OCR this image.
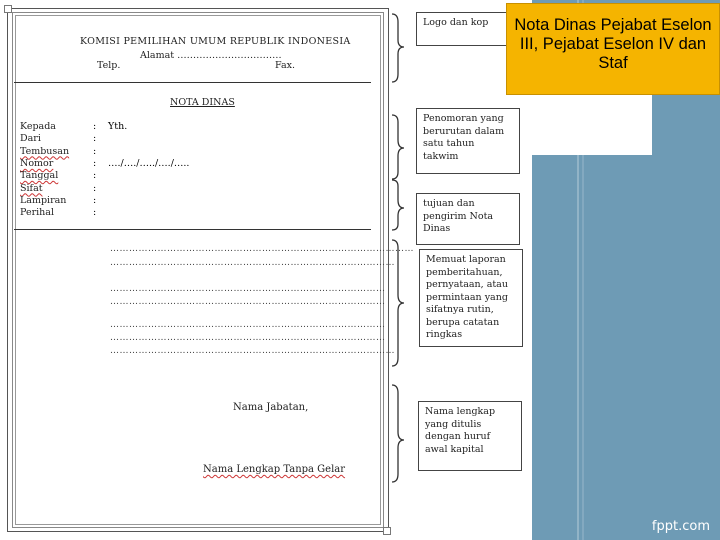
KOMISI PEMILIHAN UMUM REPUBLIK INDONESIA
Alamat ……………………………
Telp.	Fax.
NOTA DINAS
Kepada	: Yth.
Dari	:
Tembusan	:
Nomor	: …./…./…../…./…..
Tanggal	:
Sifat	:
Lampiran	:
Perihal	:
……………………………………………………………………………………
………………………………………………………………………………
……………………………………………………………………………
……………………………………………………………………………
……………………………………………………………………………
……………………………………………………………………………
………………………………………………………………………………
Nama Jabatan,
Nama Lengkap Tanpa Gelar
Logo dan kop
Penomoran yang
berurutan dalam
satu tahun
takwim
tujuan dan
pengirim Nota
Dinas
Memuat laporan
pemberitahuan,
pernyataan, atau
permintaan yang
sifatnya rutin,
berupa catatan
ringkas
Nama lengkap
yang ditulis
dengan huruf
awal kapital
Nota Dinas Pejabat Eselon III, Pejabat Eselon IV dan Staf
fppt.com
